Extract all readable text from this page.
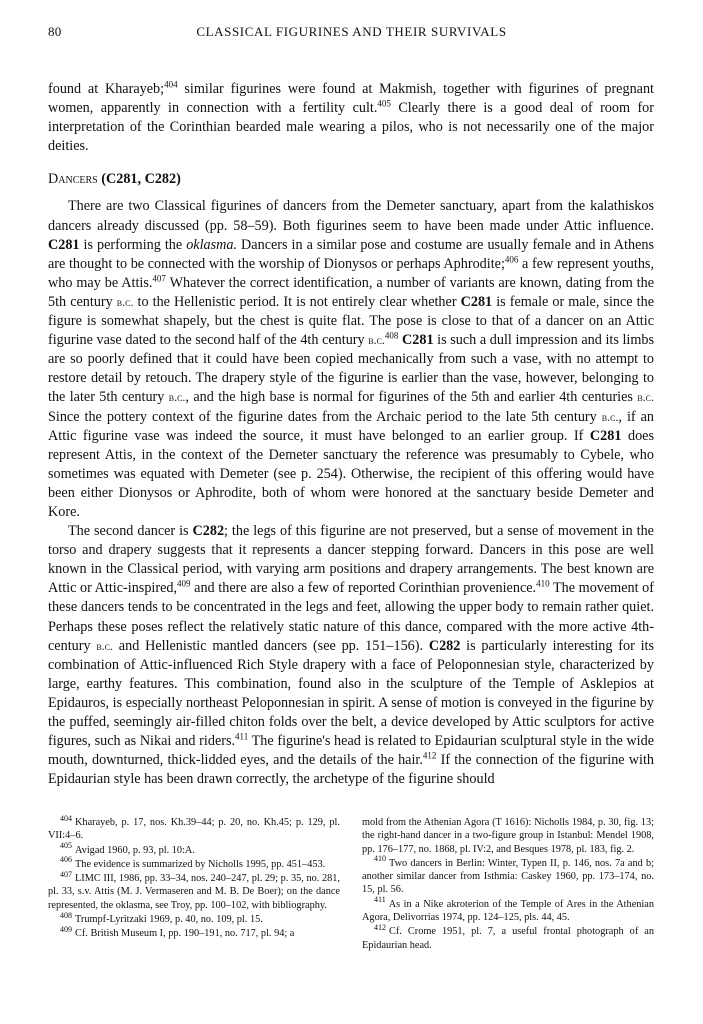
80	CLASSICAL FIGURINES AND THEIR SURVIVALS

found at Kharayeb;$^{404}$ similar figurines were found at Makmish, together with figurines of pregnant women, apparently in connection with a fertility cult.$^{405}$ Clearly there is a good deal of room for interpretation of the Corinthian bearded male wearing a pilos, who is not necessarily one of the major deities.

Dancers (C281, C282)

There are two Classical figurines of dancers from the Demeter sanctuary, apart from the kalathiskos dancers already discussed (pp. 58–59). Both figurines seem to have been made under Attic influence. C281 is performing the oklasma. Dancers in a similar pose and costume are usually female and in Athens are thought to be connected with the worship of Dionysos or perhaps Aphrodite;$^{406}$ a few represent youths, who may be Attis.$^{407}$ Whatever the correct identification, a number of variants are known, dating from the 5th century b.c. to the Hellenistic period. It is not entirely clear whether C281 is female or male, since the figure is somewhat shapely, but the chest is quite flat. The pose is close to that of a dancer on an Attic figurine vase dated to the second half of the 4th century b.c.$^{408}$ C281 is such a dull impression and its limbs are so poorly defined that it could have been copied mechanically from such a vase, with no attempt to restore detail by retouch. The drapery style of the figurine is earlier than the vase, however, belonging to the later 5th century b.c., and the high base is normal for figurines of the 5th and earlier 4th centuries b.c. Since the pottery context of the figurine dates from the Archaic period to the late 5th century b.c., if an Attic figurine vase was indeed the source, it must have belonged to an earlier group. If C281 does represent Attis, in the context of the Demeter sanctuary the reference was presumably to Cybele, who sometimes was equated with Demeter (see p. 254). Otherwise, the recipient of this offering would have been either Dionysos or Aphrodite, both of whom were honored at the sanctuary beside Demeter and Kore.

The second dancer is C282; the legs of this figurine are not preserved, but a sense of movement in the torso and drapery suggests that it represents a dancer stepping forward. Dancers in this pose are well known in the Classical period, with varying arm positions and drapery arrangements. The best known are Attic or Attic-inspired,$^{409}$ and there are also a few of reported Corinthian provenience.$^{410}$ The movement of these dancers tends to be concentrated in the legs and feet, allowing the upper body to remain rather quiet. Perhaps these poses reflect the relatively static nature of this dance, compared with the more active 4th-century b.c. and Hellenistic mantled dancers (see pp. 151–156). C282 is particularly interesting for its combination of Attic-influenced Rich Style drapery with a face of Peloponnesian style, characterized by large, earthy features. This combination, found also in the sculpture of the Temple of Asklepios at Epidauros, is especially northeast Peloponnesian in spirit. A sense of motion is conveyed in the figurine by the puffed, seemingly air-filled chiton folds over the belt, a device developed by Attic sculptors for active figures, such as Nikai and riders.$^{411}$ The figurine's head is related to Epidaurian sculptural style in the wide mouth, downturned, thick-lidded eyes, and the details of the hair.$^{412}$ If the connection of the figurine with Epidaurian style has been drawn correctly, the archetype of the figurine should

$^{404}$ Kharayeb, p. 17, nos. Kh.39–44; p. 20, no. Kh.45; p. 129, pl. VII:4–6.

$^{405}$ Avigad 1960, p. 93, pl. 10:A.

$^{406}$ The evidence is summarized by Nicholls 1995, pp. 451–453.

$^{407}$ LIMC III, 1986, pp. 33–34, nos. 240–247, pl. 29; p. 35, no. 281, pl. 33, s.v. Attis (M. J. Vermaseren and M. B. De Boer); on the dance represented, the oklasma, see Troy, pp. 100–102, with bibliography.

$^{408}$ Trumpf-Lyritzaki 1969, p. 40, no. 109, pl. 15.

$^{409}$ Cf. British Museum I, pp. 190–191, no. 717, pl. 94; a

mold from the Athenian Agora (T 1616): Nicholls 1984, p. 30, fig. 13; the right-hand dancer in a two-figure group in Istanbul: Mendel 1908, pp. 176–177, no. 1868, pl. IV:2, and Besques 1978, pl. 183, fig. 2.

$^{410}$ Two dancers in Berlin: Winter, Typen II, p. 146, nos. 7a and b; another similar dancer from Isthmia: Caskey 1960, pp. 173–174, no. 15, pl. 56.

$^{411}$ As in a Nike akroterion of the Temple of Ares in the Athenian Agora, Delivorrias 1974, pp. 124–125, pls. 44, 45.

$^{412}$ Cf. Crome 1951, pl. 7, a useful frontal photograph of an Epidaurian head.
